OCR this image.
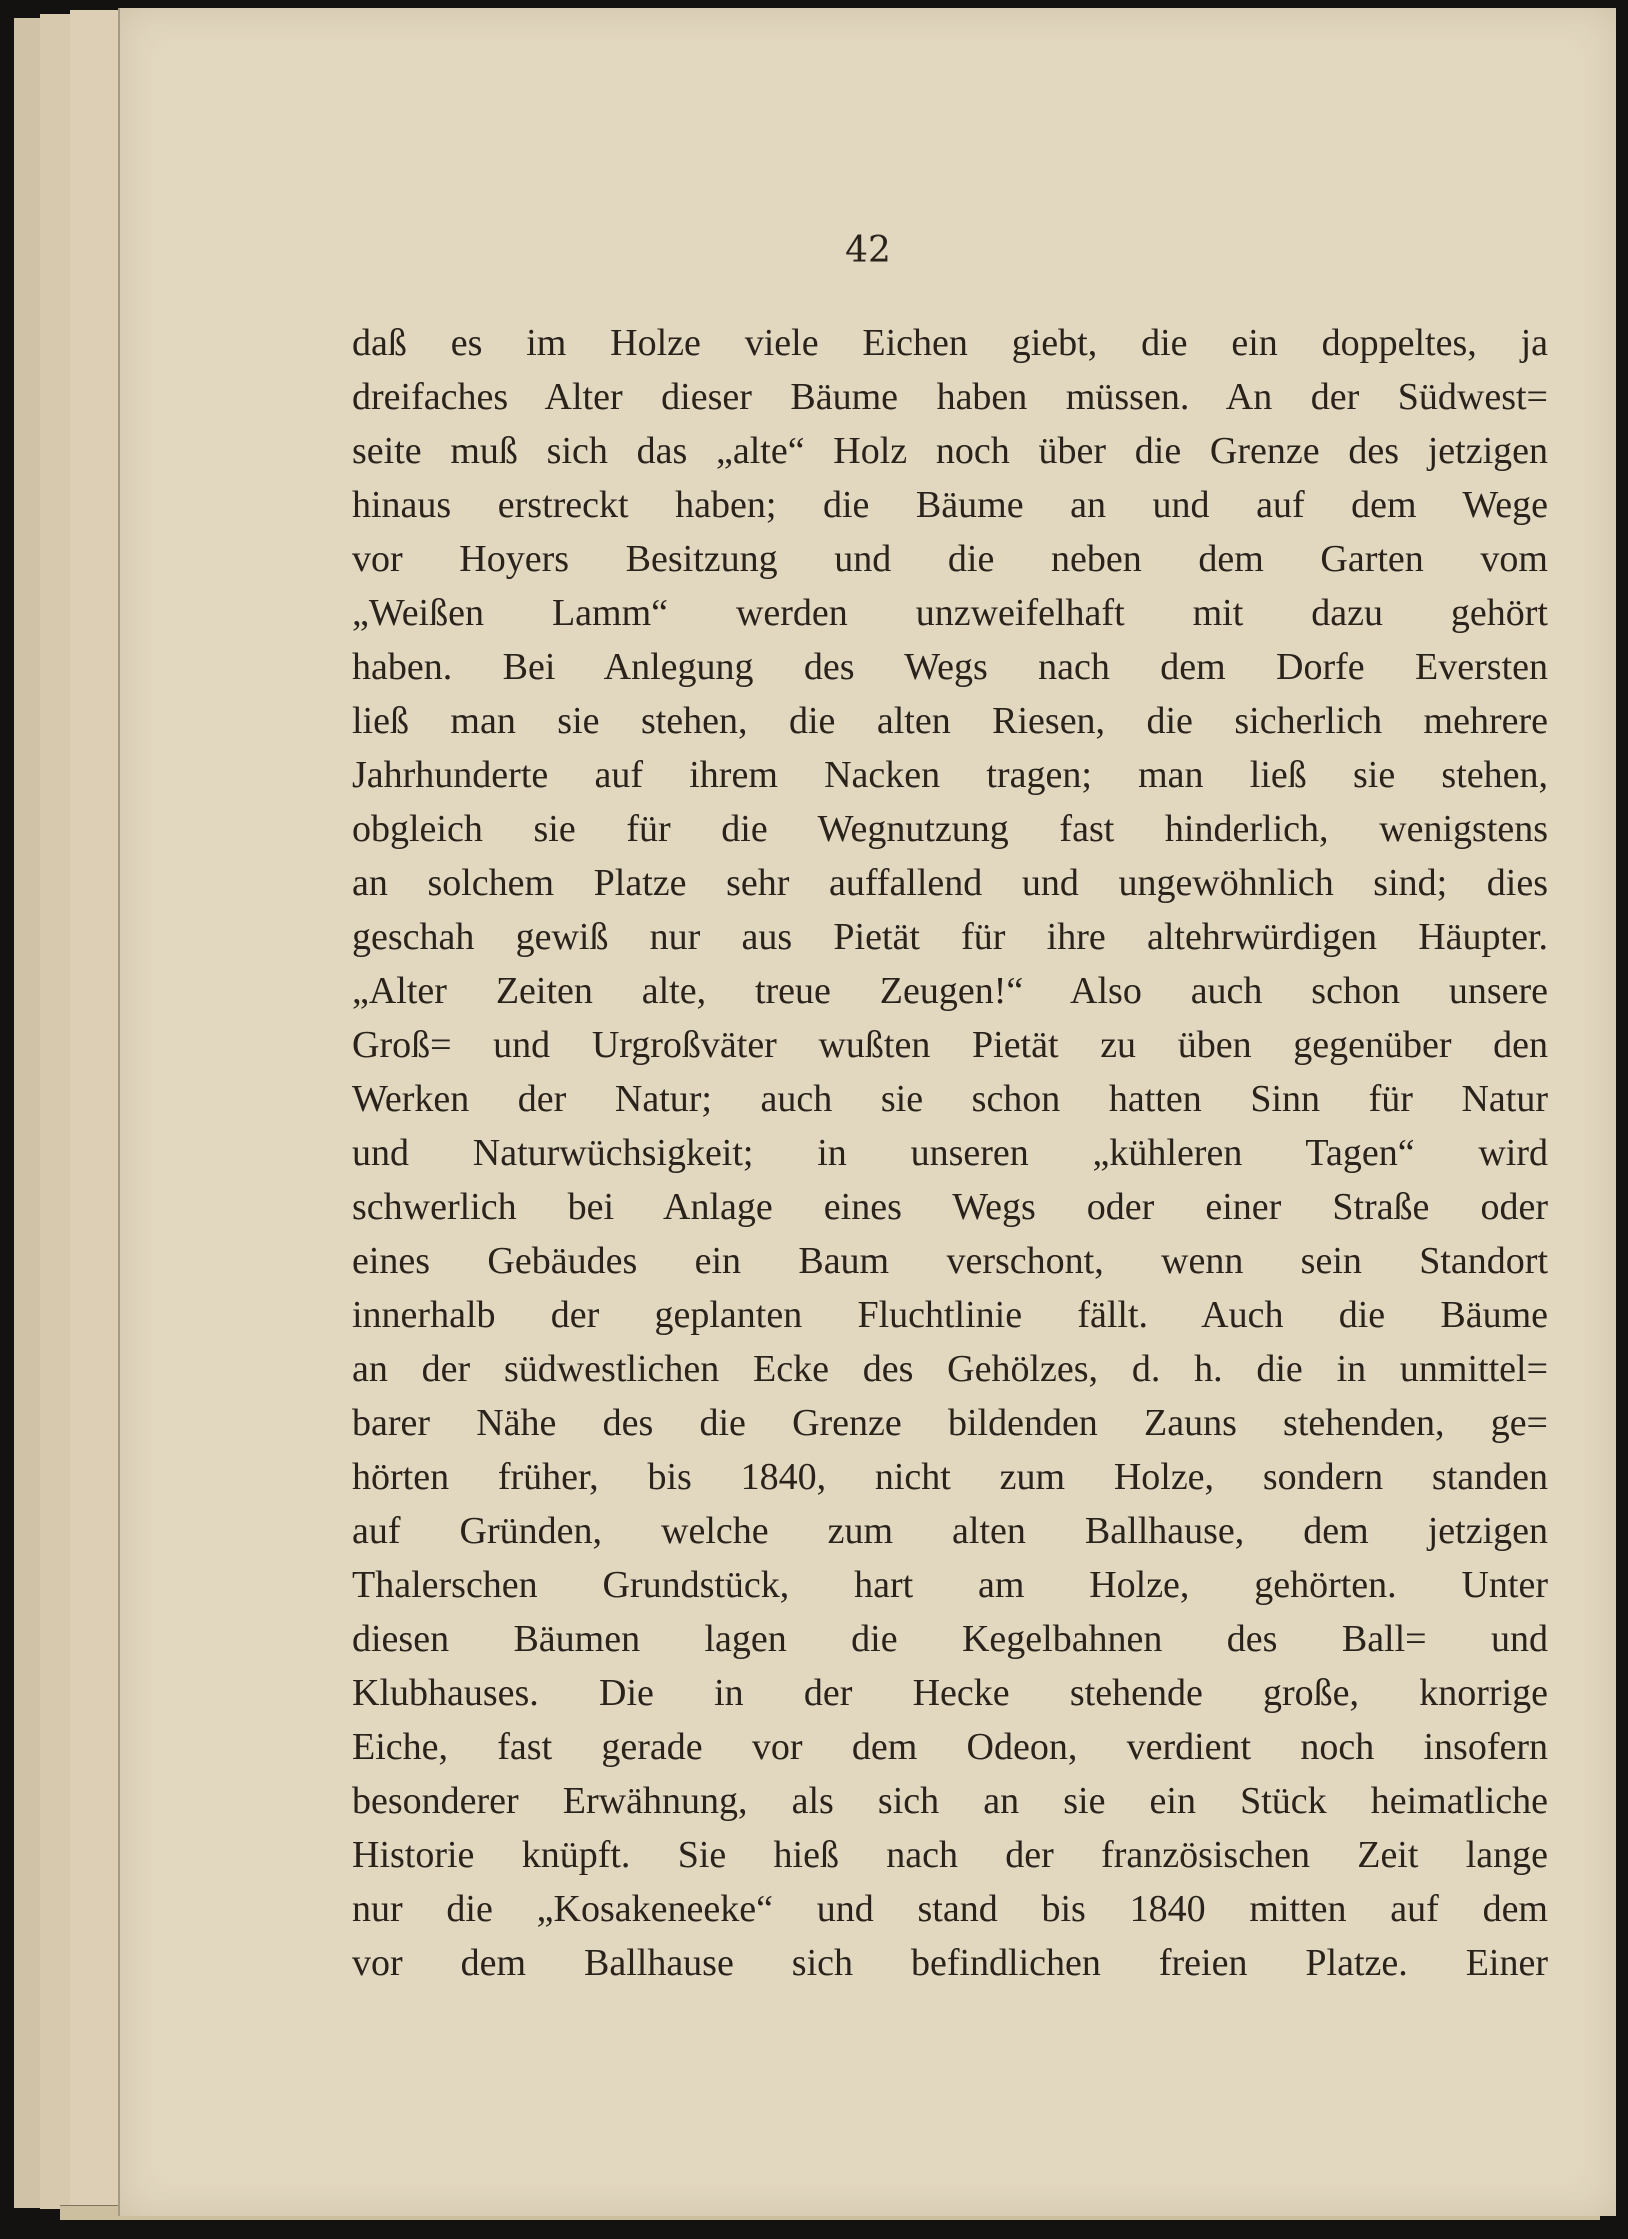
42
daß es im Holze viele Eichen giebt, die ein doppeltes, ja
dreifaches Alter dieser Bäume haben müssen. An der Südwest=
seite muß sich das „alte“ Holz noch über die Grenze des jetzigen
hinaus erstreckt haben; die Bäume an und auf dem Wege
vor Hoyers Besitzung und die neben dem Garten vom
„Weißen Lamm“ werden unzweifelhaft mit dazu gehört
haben. Bei Anlegung des Wegs nach dem Dorfe Eversten
ließ man sie stehen, die alten Riesen, die sicherlich mehrere
Jahrhunderte auf ihrem Nacken tragen; man ließ sie stehen,
obgleich sie für die Wegnutzung fast hinderlich, wenigstens
an solchem Platze sehr auffallend und ungewöhnlich sind; dies
geschah gewiß nur aus Pietät für ihre altehrwürdigen Häupter.
„Alter Zeiten alte, treue Zeugen!“ Also auch schon unsere
Groß= und Urgroßväter wußten Pietät zu üben gegenüber den
Werken der Natur; auch sie schon hatten Sinn für Natur
und Naturwüchsigkeit; in unseren „kühleren Tagen“ wird
schwerlich bei Anlage eines Wegs oder einer Straße oder
eines Gebäudes ein Baum verschont, wenn sein Standort
innerhalb der geplanten Fluchtlinie fällt. Auch die Bäume
an der südwestlichen Ecke des Gehölzes, d. h. die in unmittel=
barer Nähe des die Grenze bildenden Zauns stehenden, ge=
hörten früher, bis 1840, nicht zum Holze, sondern standen
auf Gründen, welche zum alten Ballhause, dem jetzigen
Thalerschen Grundstück, hart am Holze, gehörten. Unter
diesen Bäumen lagen die Kegelbahnen des Ball= und
Klubhauses. Die in der Hecke stehende große, knorrige
Eiche, fast gerade vor dem Odeon, verdient noch insofern
besonderer Erwähnung, als sich an sie ein Stück heimatliche
Historie knüpft. Sie hieß nach der französischen Zeit lange
nur die „Kosakeneeke“ und stand bis 1840 mitten auf dem
vor dem Ballhause sich befindlichen freien Platze. Einer
